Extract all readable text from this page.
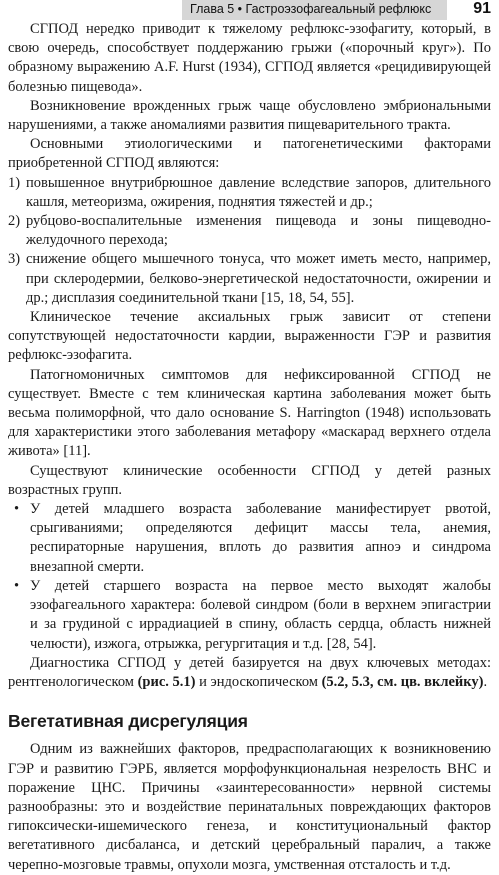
Глава 5 • Гастроэзофагеальный рефлюкс	91

СГПОД нередко приводит к тяжелому рефлюкс-эзофагиту, который, в свою очередь, способствует поддержанию грыжи («порочный круг»). По образному выражению A.F. Hurst (1934), СГПОД является «рецидивирующей болезнью пищевода».

Возникновение врожденных грыж чаще обусловлено эмбриональными нарушениями, а также аномалиями развития пищеварительного тракта.

Основными этиологическими и патогенетическими факторами приобретенной СГПОД являются:

1) повышенное внутрибрюшное давление вследствие запоров, длительного кашля, метеоризма, ожирения, поднятия тяжестей и др.;
2) рубцово-воспалительные изменения пищевода и зоны пищеводно-желудочного перехода;
3) снижение общего мышечного тонуса, что может иметь место, например, при склеродермии, белково-энергетической недостаточности, ожирении и др.; дисплазия соединительной ткани [15, 18, 54, 55].

Клиническое течение аксиальных грыж зависит от степени сопутствующей недостаточности кардии, выраженности ГЭР и развития рефлюкс-эзофагита.

Патогномоничных симптомов для нефиксированной СГПОД не существует. Вместе с тем клиническая картина заболевания может быть весьма полиморфной, что дало основание S. Harrington (1948) использовать для характеристики этого заболевания метафору «маскарад верхнего отдела живота» [11].

Существуют клинические особенности СГПОД у детей разных возрастных групп.

• У детей младшего возраста заболевание манифестирует рвотой, срыгиваниями; определяются дефицит массы тела, анемия, респираторные нарушения, вплоть до развития апноэ и синдрома внезапной смерти.
• У детей старшего возраста на первое место выходят жалобы эзофагеального характера: болевой синдром (боли в верхнем эпигастрии и за грудиной с иррадиацией в спину, область сердца, область нижней челюсти), изжога, отрыжка, регургитация и т.д. [28, 54].

Диагностика СГПОД у детей базируется на двух ключевых методах: рентгенологическом (рис. 5.1) и эндоскопическом (5.2, 5.3, см. цв. вклейку).

Вегетативная дисрегуляция

Одним из важнейших факторов, предрасполагающих к возникновению ГЭР и развитию ГЭРБ, является морфофункциональная незрелость ВНС и поражение ЦНС. Причины «заинтересованности» нервной системы разнообразны: это и воздействие перинатальных повреждающих факторов гипоксически-ишемического генеза, и конституциональный фактор вегетативного дисбаланса, и детский церебральный паралич, а также черепно-мозговые травмы, опухоли мозга, умственная отсталость и т.д.
